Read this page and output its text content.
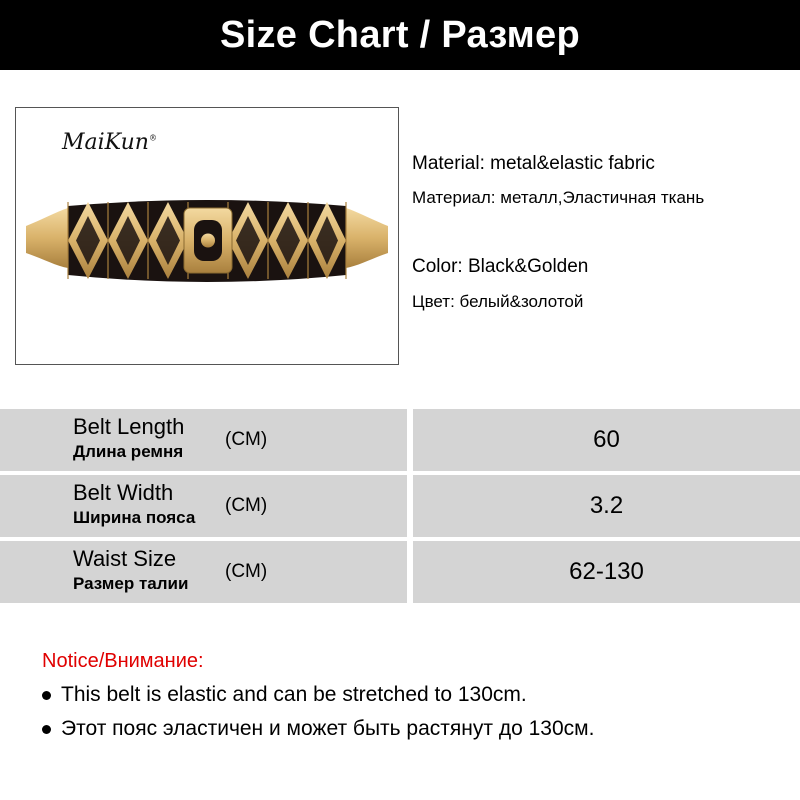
Size Chart / Размер
MaiKun®
Material: metal&elastic fabric
Материал: металл,Эластичная ткань
Color: Black&Golden
Цвет: белый&золотой
Belt Length
Длина ремня
(CM)	60
Belt Width
Ширина пояса
(CM)	3.2
Waist Size
Размер талии
(CM)	62-130
Notice/Внимание:
This belt is elastic and can be stretched to 130cm.
Этот пояс эластичен и может быть растянут до 130см.
